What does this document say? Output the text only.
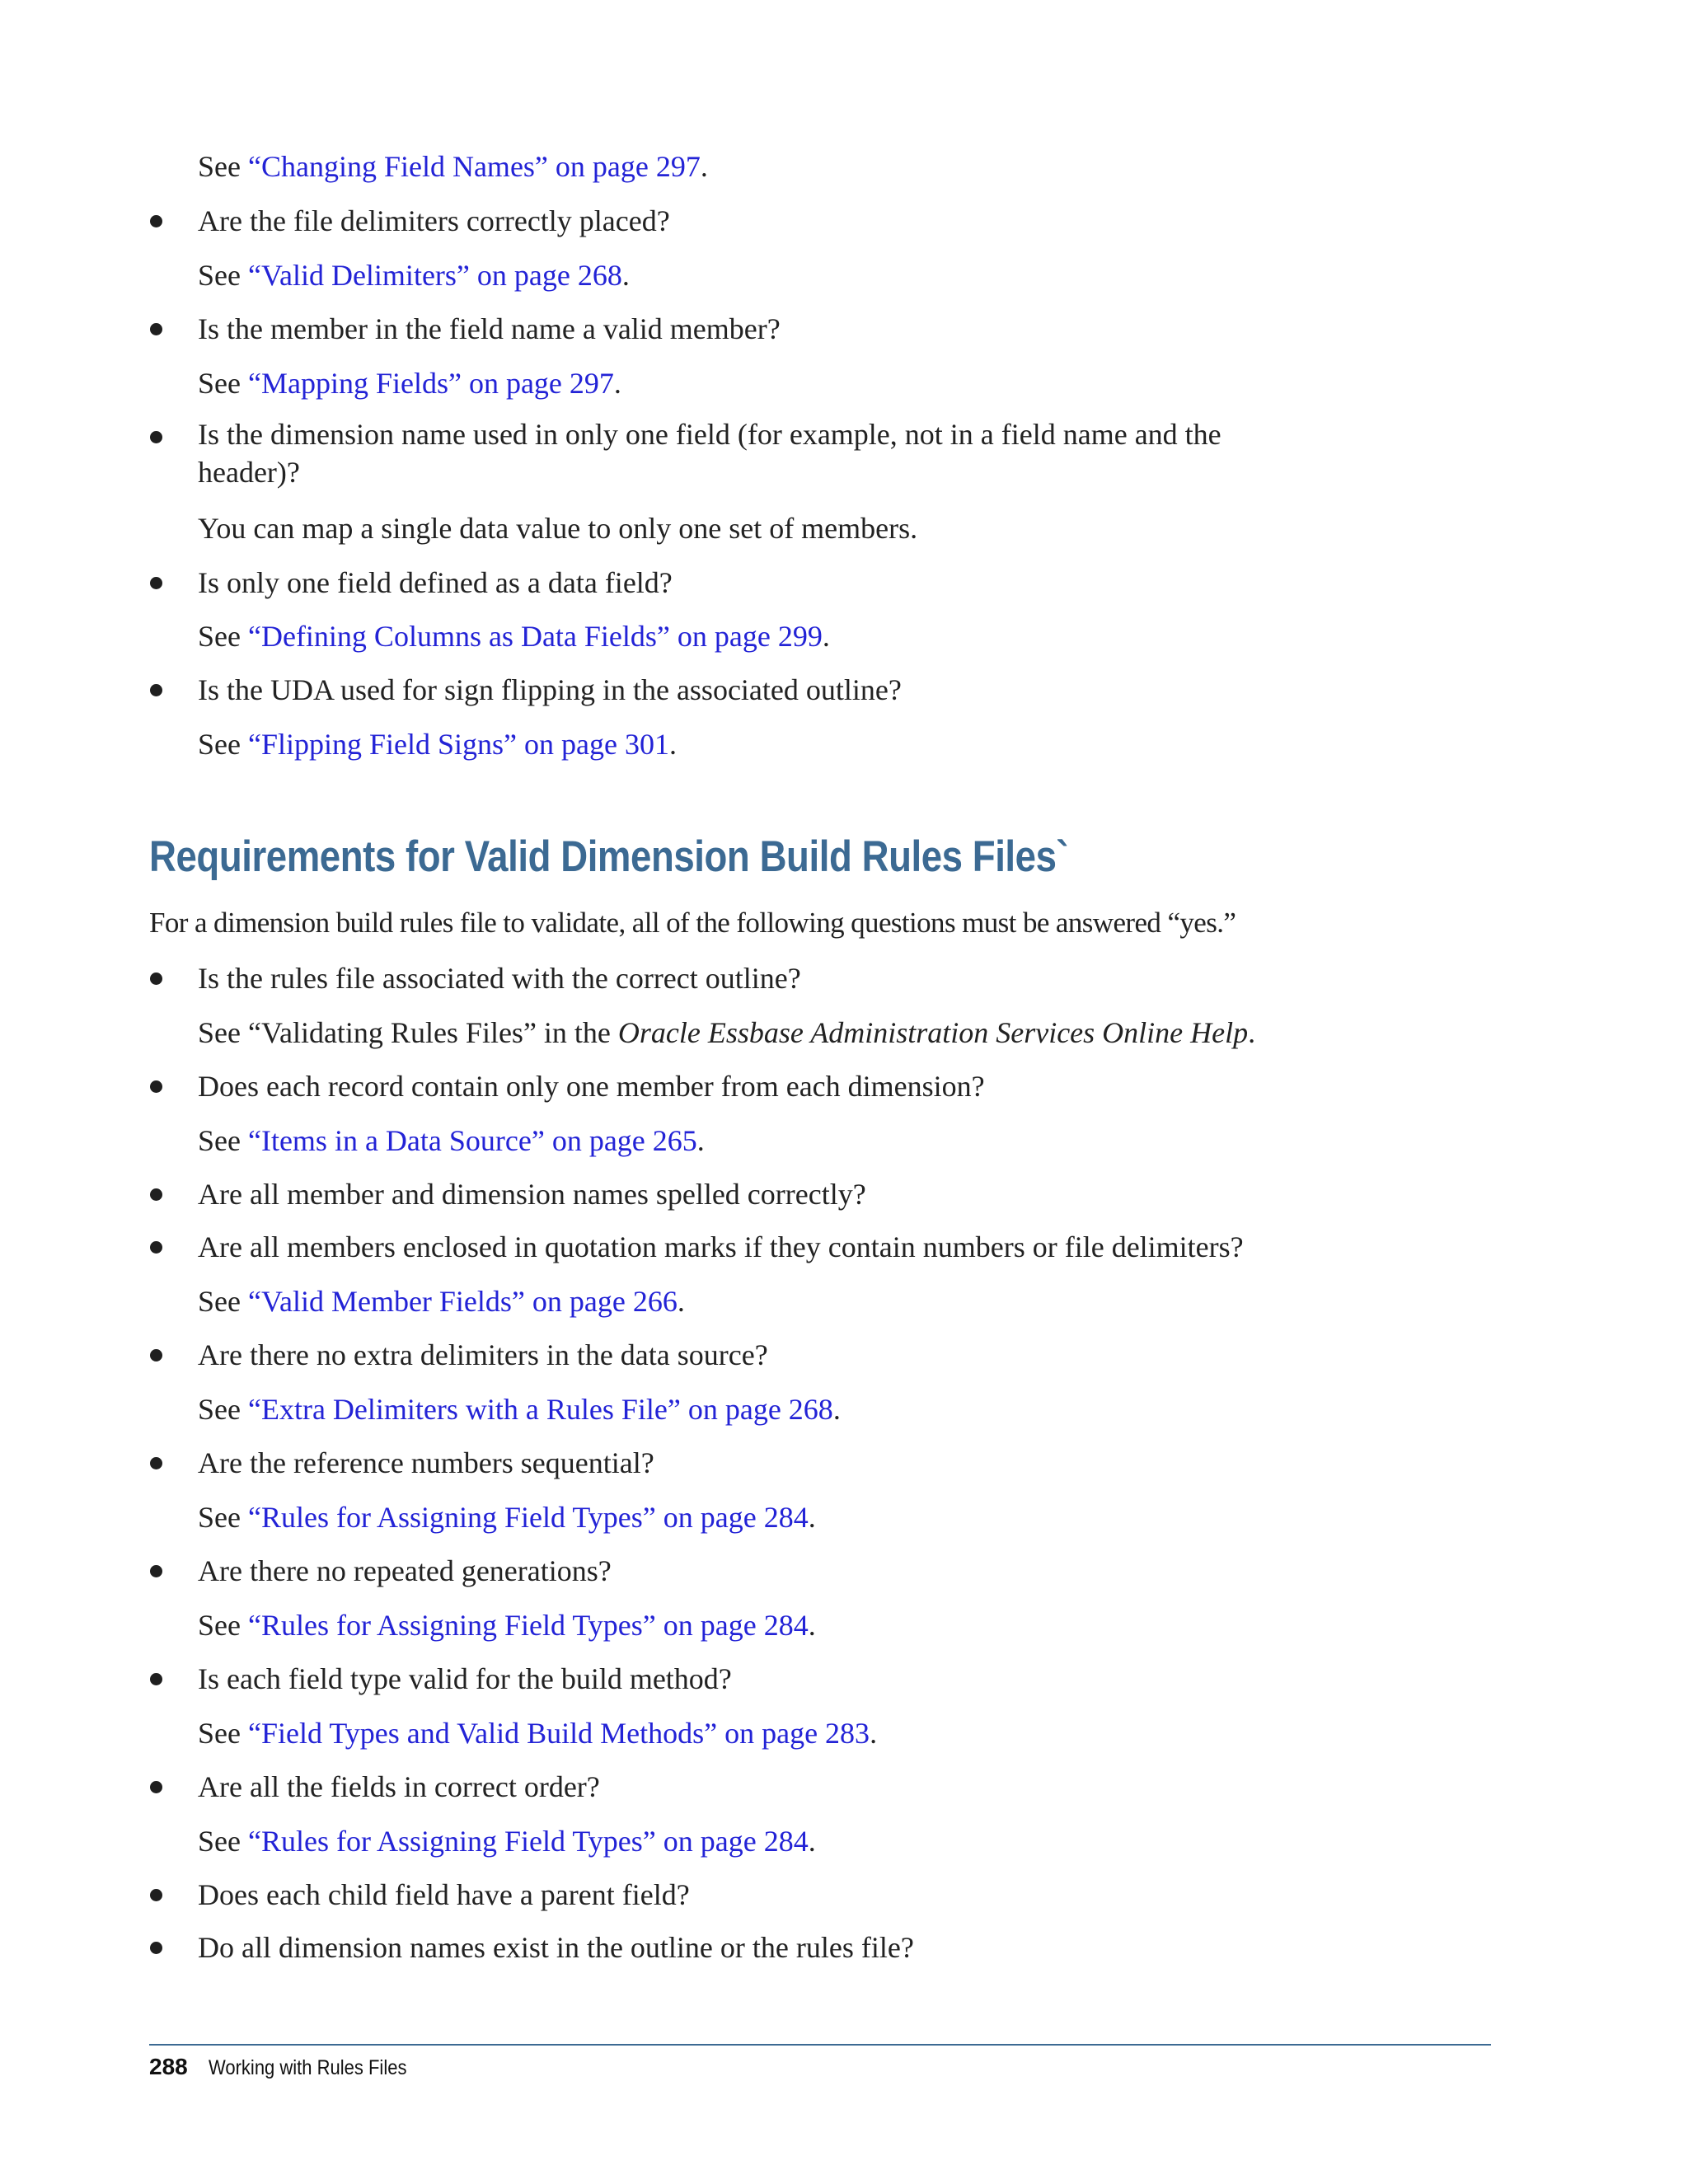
See “Changing Field Names” on page 297.
Are the file delimiters correctly placed?
See “Valid Delimiters” on page 268.
Is the member in the field name a valid member?
See “Mapping Fields” on page 297.
Is the dimension name used in only one field (for example, not in a field name and the header)?
You can map a single data value to only one set of members.
Is only one field defined as a data field?
See “Defining Columns as Data Fields” on page 299.
Is the UDA used for sign flipping in the associated outline?
See “Flipping Field Signs” on page 301.
Requirements for Valid Dimension Build Rules Files`
For a dimension build rules file to validate, all of the following questions must be answered “yes.”
Is the rules file associated with the correct outline?
See “Validating Rules Files” in the Oracle Essbase Administration Services Online Help.
Does each record contain only one member from each dimension?
See “Items in a Data Source” on page 265.
Are all member and dimension names spelled correctly?
Are all members enclosed in quotation marks if they contain numbers or file delimiters?
See “Valid Member Fields” on page 266.
Are there no extra delimiters in the data source?
See “Extra Delimiters with a Rules File” on page 268.
Are the reference numbers sequential?
See “Rules for Assigning Field Types” on page 284.
Are there no repeated generations?
See “Rules for Assigning Field Types” on page 284.
Is each field type valid for the build method?
See “Field Types and Valid Build Methods” on page 283.
Are all the fields in correct order?
See “Rules for Assigning Field Types” on page 284.
Does each child field have a parent field?
Do all dimension names exist in the outline or the rules file?
288 Working with Rules Files
